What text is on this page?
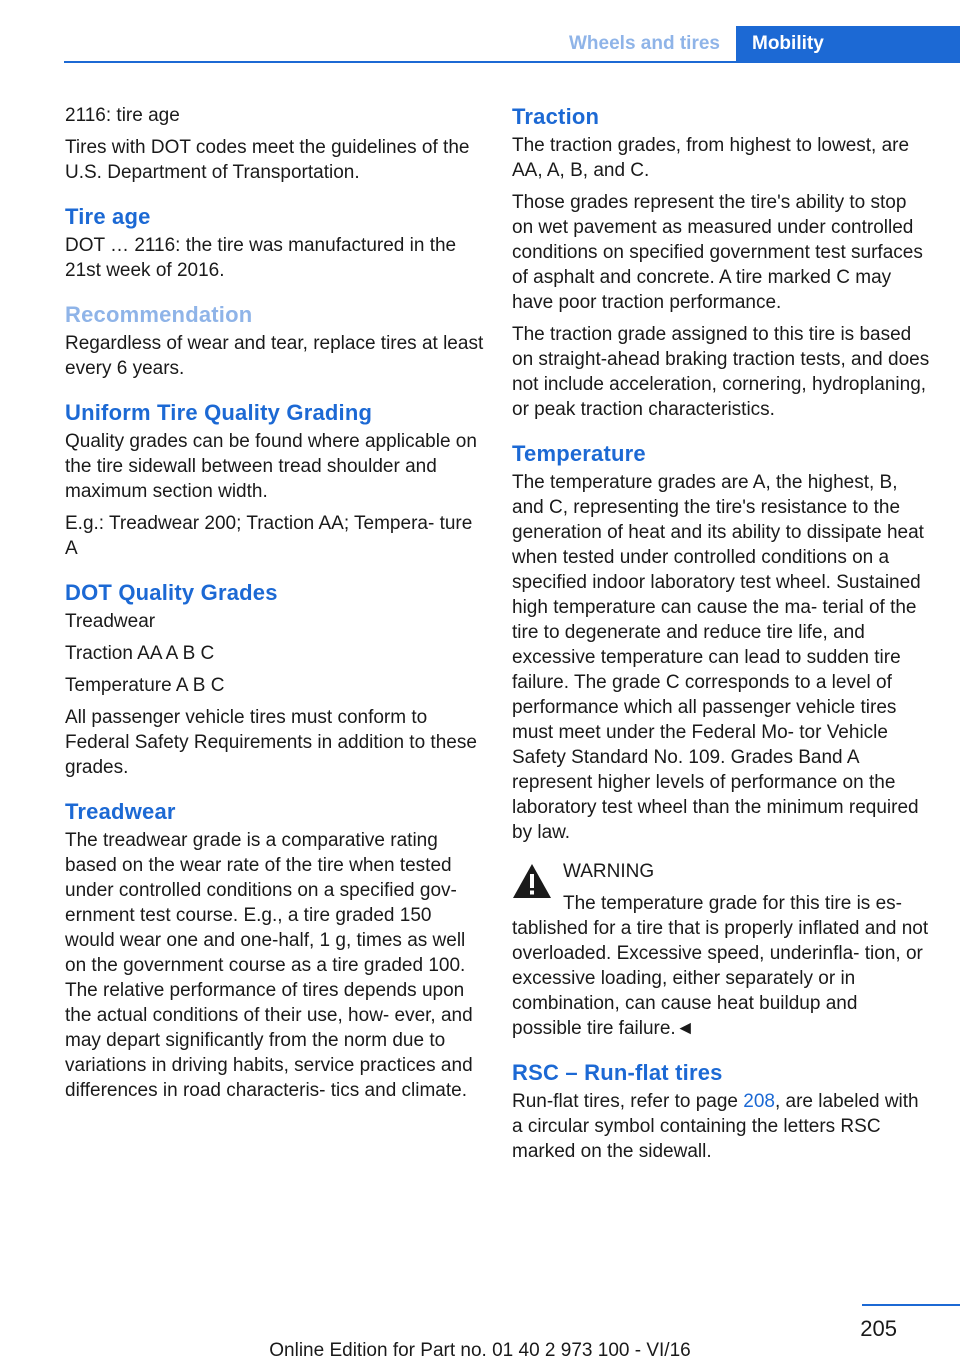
Wheels and tires	Mobility

2116: tire age

Tires with DOT codes meet the guidelines of the U.S. Department of Transportation.

Tire age

DOT … 2116: the tire was manufactured in the 21st week of 2016.

Recommendation

Regardless of wear and tear, replace tires at least every 6 years.

Uniform Tire Quality Grading

Quality grades can be found where applicable on the tire sidewall between tread shoulder and maximum section width.

E.g.: Treadwear 200; Traction AA; Tempera‐ ture A

DOT Quality Grades

Treadwear

Traction AA A B C

Temperature A B C

All passenger vehicle tires must conform to Federal Safety Requirements in addition to these grades.

Treadwear

The treadwear grade is a comparative rating based on the wear rate of the tire when tested under controlled conditions on a specified gov‐ ernment test course. E.g., a tire graded 150 would wear one and one-half, 1 g, times as well on the government course as a tire graded 100. The relative performance of tires depends upon the actual conditions of their use, how‐ ever, and may depart significantly from the norm due to variations in driving habits, service practices and differences in road characteris‐ tics and climate.

Traction

The traction grades, from highest to lowest, are AA, A, B, and C.

Those grades represent the tire's ability to stop on wet pavement as measured under controlled conditions on specified government test surfaces of asphalt and concrete. A tire marked C may have poor traction performance.

The traction grade assigned to this tire is based on straight-ahead braking traction tests, and does not include acceleration, cornering, hydroplaning, or peak traction characteristics.

Temperature

The temperature grades are A, the highest, B, and C, representing the tire's resistance to the generation of heat and its ability to dissipate heat when tested under controlled conditions on a specified indoor laboratory test wheel. Sustained high temperature can cause the ma‐ terial of the tire to degenerate and reduce tire life, and excessive temperature can lead to sudden tire failure. The grade C corresponds to a level of performance which all passenger vehicle tires must meet under the Federal Mo‐ tor Vehicle Safety Standard No. 109. Grades Band A represent higher levels of performance on the laboratory test wheel than the minimum required by law.

WARNING

The temperature grade for this tire is es‐ tablished for a tire that is properly inflated and not overloaded. Excessive speed, underinfla‐ tion, or excessive loading, either separately or in combination, can cause heat buildup and possible tire failure.◄

RSC – Run-flat tires

Run-flat tires, refer to page 208, are labeled with a circular symbol containing the letters RSC marked on the sidewall.

205
Online Edition for Part no. 01 40 2 973 100 - VI/16
